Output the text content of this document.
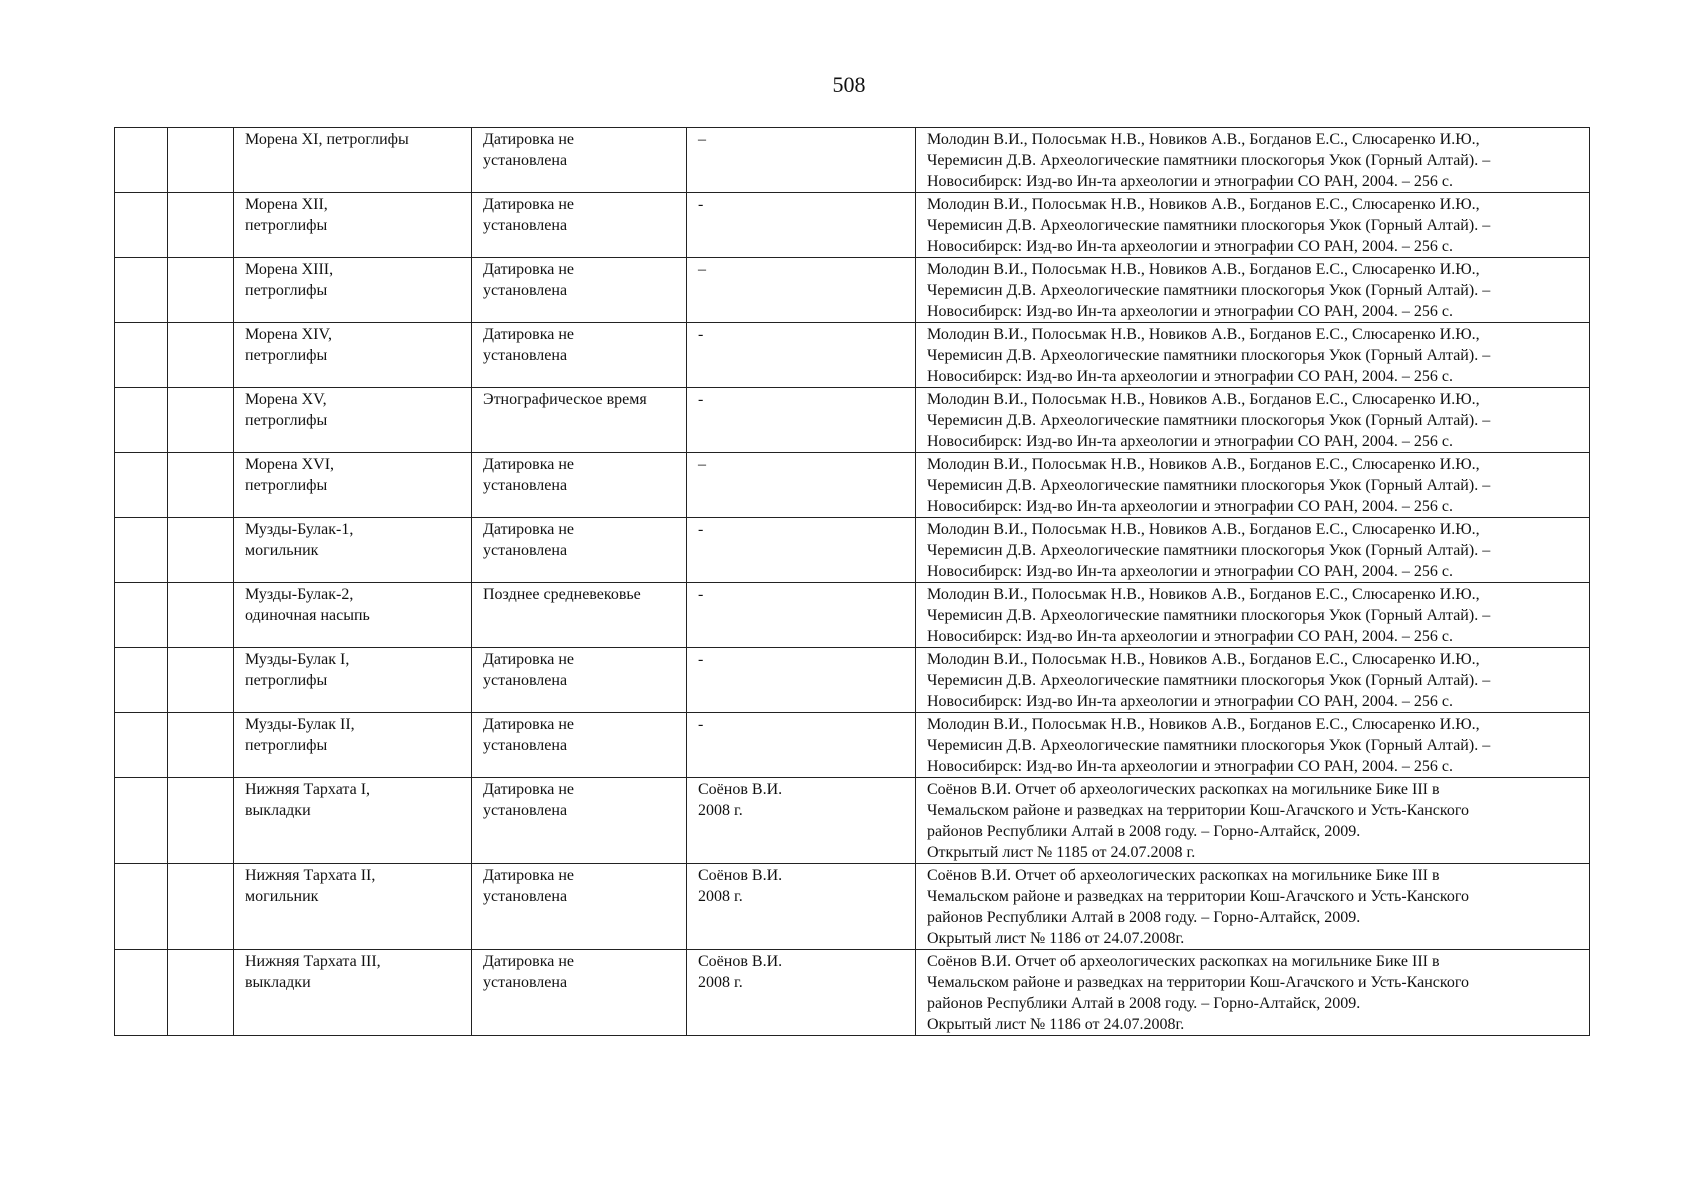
508

		Морена XI, петроглифы	Датировка не
установлена	–	Молодин В.И., Полосьмак Н.В., Новиков А.В., Богданов Е.С., Слюсаренко И.Ю.,
Черемисин Д.В. Археологические памятники плоскогорья Укок (Горный Алтай). –
Новосибирск: Изд-во Ин-та археологии и этнографии СО РАН, 2004. – 256 с.

		Морена XII,
петроглифы	Датировка не
установлена	-	Молодин В.И., Полосьмак Н.В., Новиков А.В., Богданов Е.С., Слюсаренко И.Ю.,
Черемисин Д.В. Археологические памятники плоскогорья Укок (Горный Алтай). –
Новосибирск: Изд-во Ин-та археологии и этнографии СО РАН, 2004. – 256 с.

		Морена XIII,
петроглифы	Датировка не
установлена	–	Молодин В.И., Полосьмак Н.В., Новиков А.В., Богданов Е.С., Слюсаренко И.Ю.,
Черемисин Д.В. Археологические памятники плоскогорья Укок (Горный Алтай). –
Новосибирск: Изд-во Ин-та археологии и этнографии СО РАН, 2004. – 256 с.

		Морена XIV,
петроглифы	Датировка не
установлена	-	Молодин В.И., Полосьмак Н.В., Новиков А.В., Богданов Е.С., Слюсаренко И.Ю.,
Черемисин Д.В. Археологические памятники плоскогорья Укок (Горный Алтай). –
Новосибирск: Изд-во Ин-та археологии и этнографии СО РАН, 2004. – 256 с.

		Морена XV,
петроглифы	Этнографическое время	-	Молодин В.И., Полосьмак Н.В., Новиков А.В., Богданов Е.С., Слюсаренко И.Ю.,
Черемисин Д.В. Археологические памятники плоскогорья Укок (Горный Алтай). –
Новосибирск: Изд-во Ин-та археологии и этнографии СО РАН, 2004. – 256 с.

		Морена XVI,
петроглифы	Датировка не
установлена	–	Молодин В.И., Полосьмак Н.В., Новиков А.В., Богданов Е.С., Слюсаренко И.Ю.,
Черемисин Д.В. Археологические памятники плоскогорья Укок (Горный Алтай). –
Новосибирск: Изд-во Ин-та археологии и этнографии СО РАН, 2004. – 256 с.

		Музды-Булак-1,
могильник	Датировка не
установлена	-	Молодин В.И., Полосьмак Н.В., Новиков А.В., Богданов Е.С., Слюсаренко И.Ю.,
Черемисин Д.В. Археологические памятники плоскогорья Укок (Горный Алтай). –
Новосибирск: Изд-во Ин-та археологии и этнографии СО РАН, 2004. – 256 с.

		Музды-Булак-2,
одиночная насыпь	Позднее средневековье	-	Молодин В.И., Полосьмак Н.В., Новиков А.В., Богданов Е.С., Слюсаренко И.Ю.,
Черемисин Д.В. Археологические памятники плоскогорья Укок (Горный Алтай). –
Новосибирск: Изд-во Ин-та археологии и этнографии СО РАН, 2004. – 256 с.

		Музды-Булак I,
петроглифы	Датировка не
установлена	-	Молодин В.И., Полосьмак Н.В., Новиков А.В., Богданов Е.С., Слюсаренко И.Ю.,
Черемисин Д.В. Археологические памятники плоскогорья Укок (Горный Алтай). –
Новосибирск: Изд-во Ин-та археологии и этнографии СО РАН, 2004. – 256 с.

		Музды-Булак II,
петроглифы	Датировка не
установлена	-	Молодин В.И., Полосьмак Н.В., Новиков А.В., Богданов Е.С., Слюсаренко И.Ю.,
Черемисин Д.В. Археологические памятники плоскогорья Укок (Горный Алтай). –
Новосибирск: Изд-во Ин-та археологии и этнографии СО РАН, 2004. – 256 с.

		Нижняя Тархата I,
выкладки	Датировка не
установлена	Соёнов В.И.
2008 г.	Соёнов В.И. Отчет об археологических раскопках на могильнике Бике III в
Чемальском районе и разведках на территории Кош-Агачского и Усть-Канского
районов Республики Алтай в 2008 году. – Горно-Алтайск, 2009.
Открытый лист № 1185 от 24.07.2008 г.

		Нижняя Тархата II,
могильник	Датировка не
установлена	Соёнов В.И.
2008 г.	Соёнов В.И. Отчет об археологических раскопках на могильнике Бике III в
Чемальском районе и разведках на территории Кош-Агачского и Усть-Канского
районов Республики Алтай в 2008 году. – Горно-Алтайск, 2009.
Окрытый лист № 1186 от 24.07.2008г.

		Нижняя Тархата III,
выкладки	Датировка не
установлена	Соёнов В.И.
2008 г.	Соёнов В.И. Отчет об археологических раскопках на могильнике Бике III в
Чемальском районе и разведках на территории Кош-Агачского и Усть-Канского
районов Республики Алтай в 2008 году. – Горно-Алтайск, 2009.
Окрытый лист № 1186 от 24.07.2008г.
